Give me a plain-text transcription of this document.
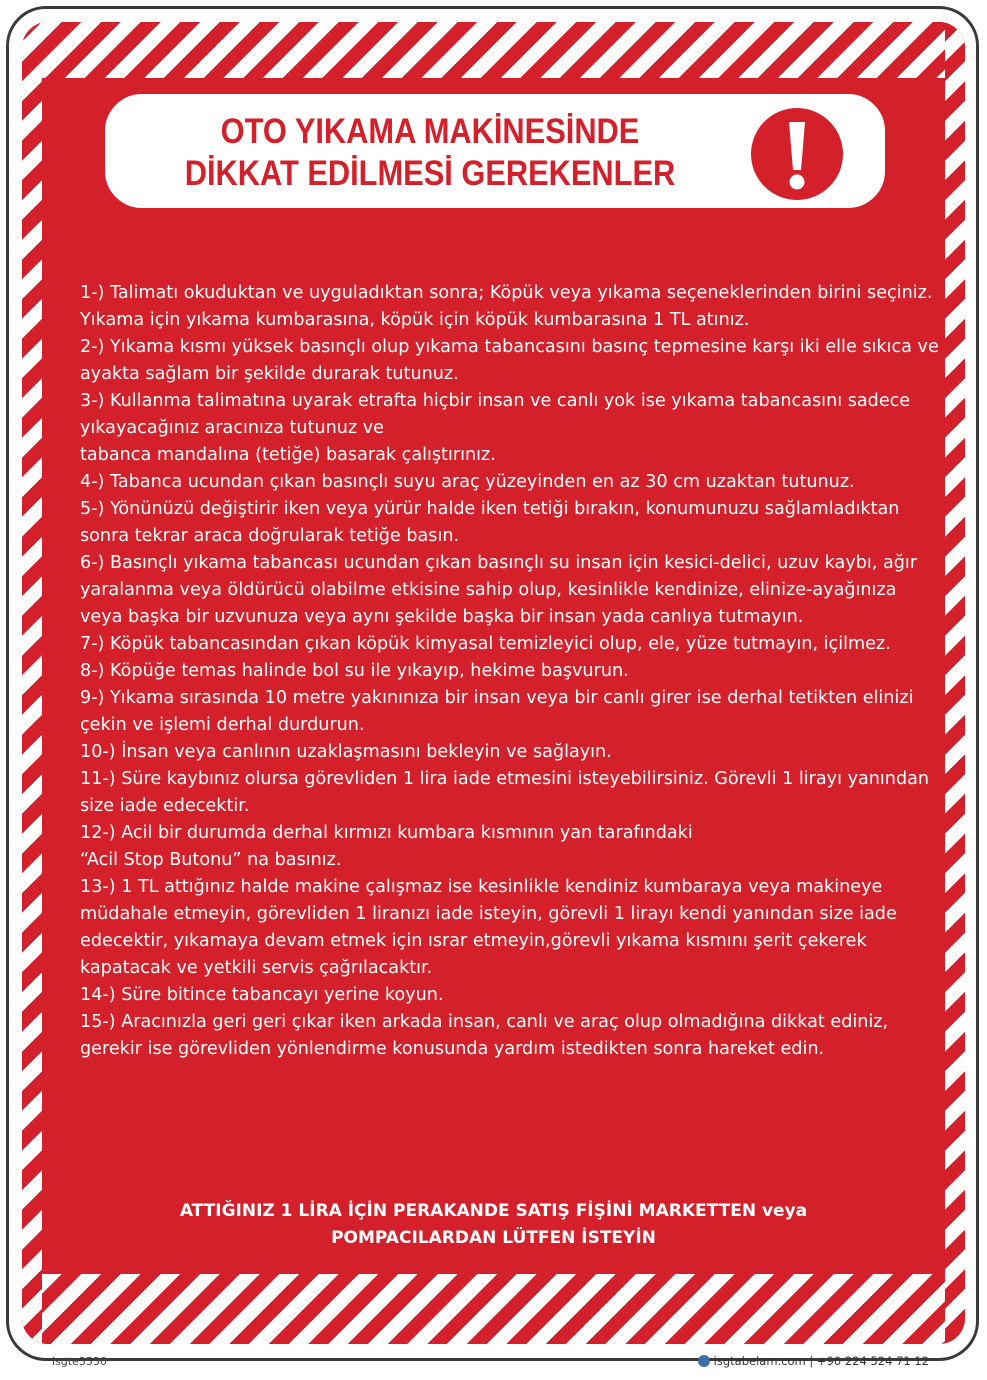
OTO YIKAMA MAKİNESİNDE
DİKKAT EDİLMESİ GEREKENLER

1-) Talimatı okuduktan ve uyguladıktan sonra; Köpük veya yıkama seçeneklerinden birini seçiniz. Yıkama için yıkama kumbarasına, köpük için köpük kumbarasına 1 TL atınız.

2-) Yıkama kısmı yüksek basınçlı olup yıkama tabancasını basınç tepmesine karşı iki elle sıkıca ve ayakta sağlam bir şekilde durarak tutunuz.

3-) Kullanma talimatına uyarak etrafta hiçbir insan ve canlı yok ise yıkama tabancasını sadece yıkayacağınız aracınıza tutunuz ve

tabanca mandalına (tetiğe) basarak çalıştırınız.

4-) Tabanca ucundan çıkan basınçlı suyu araç yüzeyinden en az 30 cm uzaktan tutunuz.

5-) Yönünüzü değiştirir iken veya yürür halde iken tetiği bırakın, konumunuzu sağlamladıktan sonra tekrar araca doğrularak tetiğe basın.

6-) Basınçlı yıkama tabancası ucundan çıkan basınçlı su insan için kesici-delici, uzuv kaybı, ağır yaralanma veya öldürücü olabilme etkisine sahip olup, kesinlikle kendinize, elinize-ayağınıza veya başka bir uzvunuza veya aynı şekilde başka bir insan yada canlıya tutmayın.

7-) Köpük tabancasından çıkan köpük kimyasal temizleyici olup, ele, yüze tutmayın, içilmez.

8-) Köpüğe temas halinde bol su ile yıkayıp, hekime başvurun.

9-) Yıkama sırasında 10 metre yakınınıza bir insan veya bir canlı girer ise derhal tetikten elinizi çekin ve işlemi derhal durdurun.

10-) İnsan veya canlının uzaklaşmasını bekleyin ve sağlayın.

11-) Süre kaybınız olursa görevliden 1 lira iade etmesini isteyebilirsiniz. Görevli 1 lirayı yanından size iade edecektir.

12-) Acil bir durumda derhal kırmızı kumbara kısmının yan tarafındaki

“Acil Stop Butonu” na basınız.

13-) 1 TL attığınız halde makine çalışmaz ise kesinlikle kendiniz kumbaraya veya makineye müdahale etmeyin, görevliden 1 liranızı iade isteyin, görevli 1 lirayı kendi yanından size iade edecektir, yıkamaya devam etmek için ısrar etmeyin,görevli yıkama kısmını şerit çekerek kapatacak ve yetkili servis çağrılacaktır.

14-) Süre bitince tabancayı yerine koyun.

15-) Aracınızla geri geri çıkar iken arkada insan, canlı ve araç olup olmadığına dikkat ediniz, gerekir ise görevliden yönlendirme konusunda yardım istedikten sonra hareket edin.

ATTIĞINIZ 1 LİRA İÇİN PERAKANDE SATIŞ FİŞİNİ MARKETTEN veya
POMPACILARDAN LÜTFEN İSTEYİN
isgte3530	isgtabelam.com | +90 224 524 71 12
